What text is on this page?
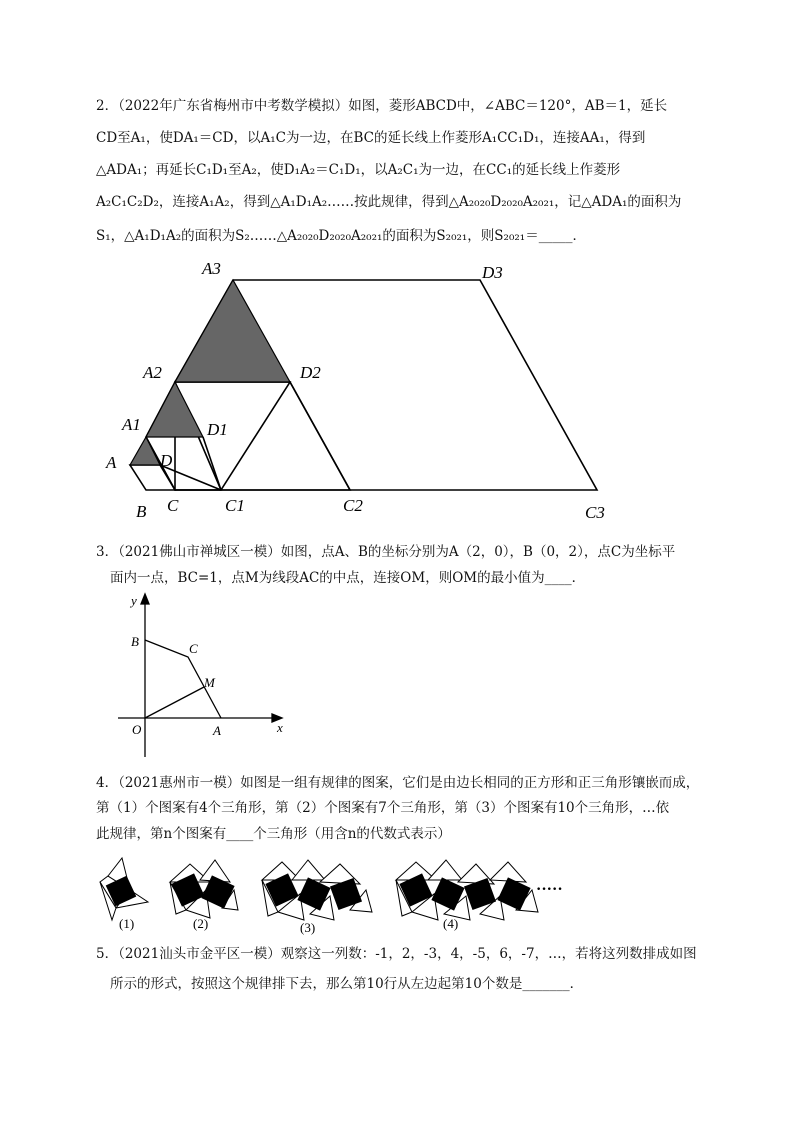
2．（2022年广东省梅州市中考数学模拟）如图，菱形ABCD中，∠ABC＝120°，AB＝1，延长
CD至A₁，使DA₁＝CD，以A₁C为一边，在BC的延长线上作菱形A₁CC₁D₁，连接AA₁，得到
△ADA₁；再延长C₁D₁至A₂，使D₁A₂＝C₁D₁，以A₂C₁为一边，在CC₁的延长线上作菱形
A₂C₁C₂D₂，连接A₁A₂，得到△A₁D₁A₂……按此规律，得到△A₂₀₂₀D₂₀₂₀A₂₀₂₁，记△ADA₁的面积为
S₁，△A₁D₁A₂的面积为S₂……△A₂₀₂₀D₂₀₂₀A₂₀₂₁的面积为S₂₀₂₁，则S₂₀₂₁＝_____．
A3	D3
A2	D2
A1	D1
A	D
B C	C1	C2	C3
3．（2021佛山市禅城区一模）如图，点A、B的坐标分别为A（2，0），B（0，2），点C为坐标平
面内一点，BC=1，点M为线段AC的中点，连接OM，则OM的最小值为____．
y
x
B	C
M
O	A
4．（2021惠州市一模）如图是一组有规律的图案，它们是由边长相同的正方形和正三角形镶嵌而成，
第（1）个图案有4个三角形，第（2）个图案有7个三角形，第（3）个图案有10个三角形，…依
此规律，第n个图案有____个三角形（用含n的代数式表示）
(1)	(2)	(3)	(4)
·····
5．（2021汕头市金平区一模）观察这一列数：-1，2，-3，4，-5，6，-7，…，若将这列数排成如图
所示的形式，按照这个规律排下去，那么第10行从左边起第10个数是_______．
